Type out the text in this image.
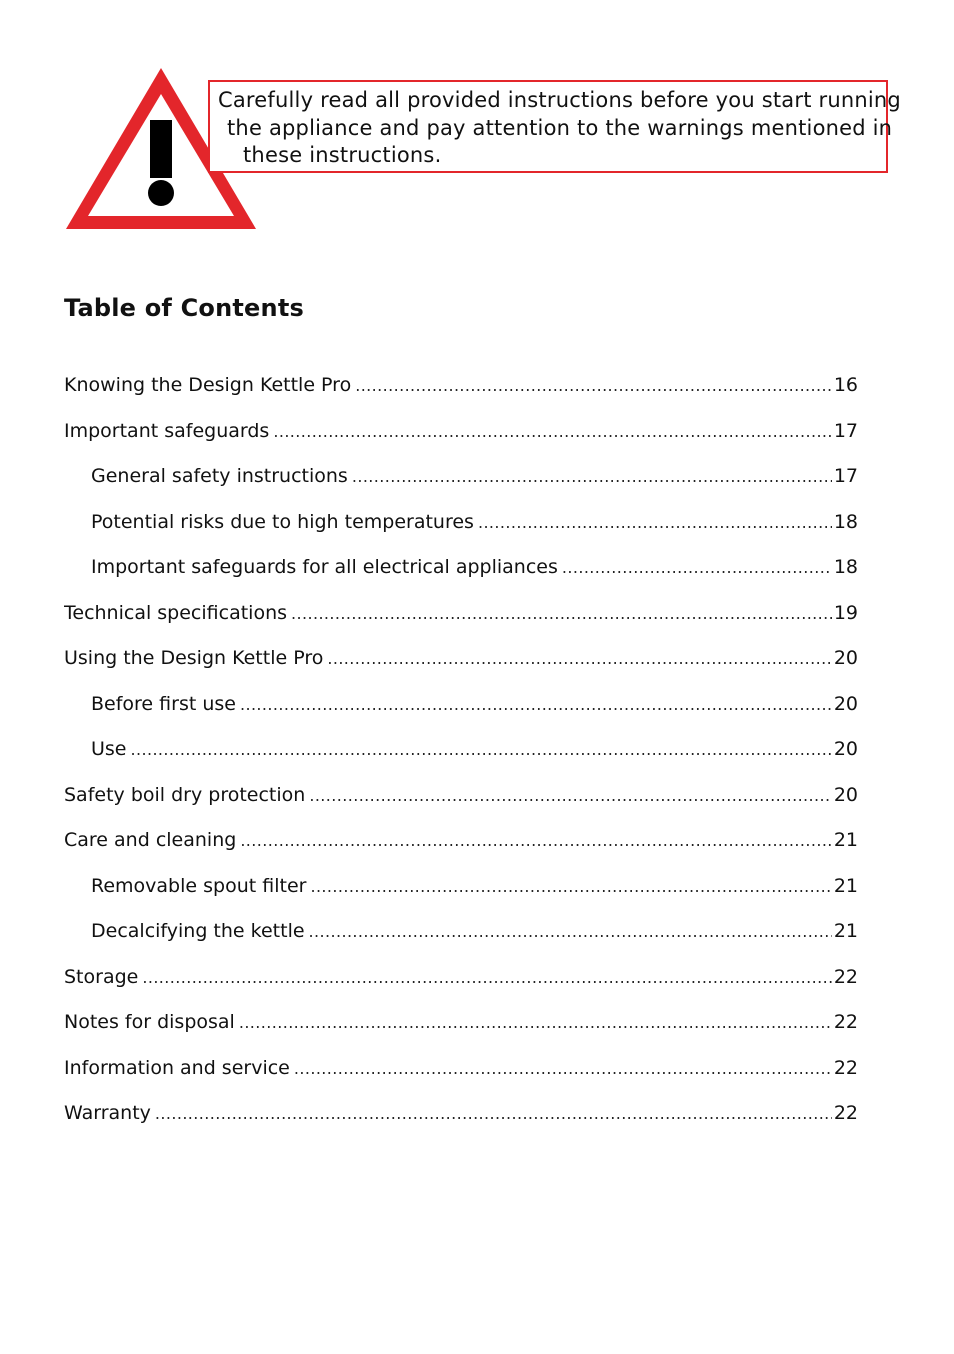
Carefully read all provided instructions before you start running
the appliance and pay attention to the warnings mentioned in
these instructions.
Table of Contents
Knowing the Design Kettle Pro .....	16
Important safeguards .....	17
General safety instructions .....	17
Potential risks due to high temperatures .....	18
Important safeguards for all electrical appliances .....	18
Technical specifications .....	19
Using the Design Kettle Pro .....	20
Before first use .....	20
Use .....	20
Safety boil dry protection .....	20
Care and cleaning .....	21
Removable spout filter .....	21
Decalcifying the kettle .....	21
Storage .....	22
Notes for disposal .....	22
Information and service .....	22
Warranty .....	22
